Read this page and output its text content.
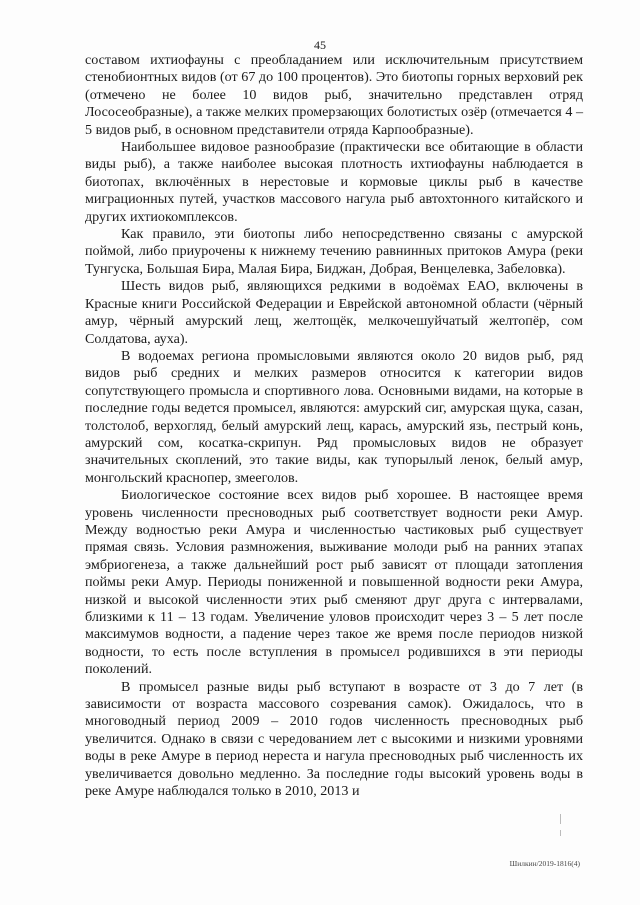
45

составом ихтиофауны с преобладанием или исключительным присутствием стенобионтных видов (от 67 до 100 процентов). Это биотопы горных верховий рек (отмечено не более 10 видов рыб, значительно представлен отряд Лососеобразные), а также мелких промерзающих болотистых озёр (отмечается 4 – 5 видов рыб, в основном представители отряда Карпообразные).

Наибольшее видовое разнообразие (практически все обитающие в области виды рыб), а также наиболее высокая плотность ихтиофауны наблюдается в биотопах, включённых в нерестовые и кормовые циклы рыб в качестве миграционных путей, участков массового нагула рыб автохтонного китайского и других ихтиокомплексов.

Как правило, эти биотопы либо непосредственно связаны с амурской поймой, либо приурочены к нижнему течению равнинных притоков Амура (реки Тунгуска, Большая Бира, Малая Бира, Биджан, Добрая, Венцелевка, Забеловка).

Шесть видов рыб, являющихся редкими в водоёмах ЕАО, включены в Красные книги Российской Федерации и Еврейской автономной области (чёрный амур, чёрный амурский лещ, желтощёк, мелкочешуйчатый желтопёр, сом Солдатова, ауха).

В водоемах региона промысловыми являются около 20 видов рыб, ряд видов рыб средних и мелких размеров относится к категории видов сопутствующего промысла и спортивного лова. Основными видами, на которые в последние годы ведется промысел, являются: амурский сиг, амурская щука, сазан, толстолоб, верхогляд, белый амурский лещ, карась, амурский язь, пестрый конь, амурский сом, косатка-скрипун. Ряд промысловых видов не образует значительных скоплений, это такие виды, как тупорылый ленок, белый амур, монгольский краснопер, змееголов.

Биологическое состояние всех видов рыб хорошее. В настоящее время уровень численности пресноводных рыб соответствует водности реки Амур. Между водностью реки Амура и численностью частиковых рыб существует прямая связь. Условия размножения, выживание молоди рыб на ранних этапах эмбриогенеза, а также дальнейший рост рыб зависят от площади затопления поймы реки Амур. Периоды пониженной и повышенной водности реки Амура, низкой и высокой численности этих рыб сменяют друг друга с интервалами, близкими к 11 – 13 годам. Увеличение уловов происходит через 3 – 5 лет после максимумов водности, а падение через такое же время после периодов низкой водности, то есть после вступления в промысел родившихся в эти периоды поколений.

В промысел разные виды рыб вступают в возрасте от 3 до 7 лет (в зависимости от возраста массового созревания самок). Ожидалось, что в многоводный период 2009 – 2010 годов численность пресноводных рыб увеличится. Однако в связи с чередованием лет с высокими и низкими уровнями воды в реке Амуре в период нереста и нагула пресноводных рыб численность их увеличивается довольно медленно. За последние годы высокий уровень воды в реке Амуре наблюдался только в 2010, 2013 и

Шилкин/2019-1816(4)
